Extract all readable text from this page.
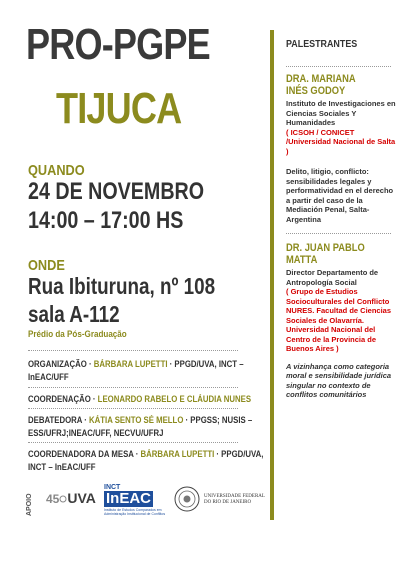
PRO-PGPE
TIJUCA
QUANDO
24 DE NOVEMBRO
14:00 – 17:00 HS
ONDE
Rua Ibituruna, nº 108
sala A-112
Prédio da Pós-Graduação
ORGANIZAÇÃO · BÁRBARA LUPETTI · PPGD/UVA, INCT –
InEAC/UFF
COORDENAÇÃO · LEONARDO RABELO E CLÁUDIA NUNES
DEBATEDORA · KÁTIA SENTO SÉ MELLO · PPGSS; NUSIS –
ESS/UFRJ;INEAC/UFF, NECVU/UFRJ
COORDENADORA DA MESA · BÁRBARA LUPETTI · PPGD/UVA,
INCT – InEAC/UFF
APOIO 45 UVA
INCT
InEAC
Instituto de Estudos Comparados em Administração Institucional de Conflitos
UNIVERSIDADE FEDERAL
DO RIO DE JANEIRO
PALESTRANTES
DRA. MARIANA
INÉS GODOY
Instituto de Investigaciones en Ciencias Sociales Y Humanidades
( ICSOH / CONICET /Universidad Nacional de Salta )
Delito, litigio, conflicto: sensibilidades legales y performatividad en el derecho a partir del caso de la Mediación Penal, Salta-Argentina
DR. JUAN PABLO
MATTA
Director Departamento de Antropología Social
( Grupo de Estudios Socioculturales del Conflicto NURES. Facultad de Ciencias Sociales de Olavarría. Universidad Nacional del Centro de la Provincia de Buenos Aires )
A vizinhança como categoria moral e sensibilidade jurídica singular no contexto de conflitos comunitários
